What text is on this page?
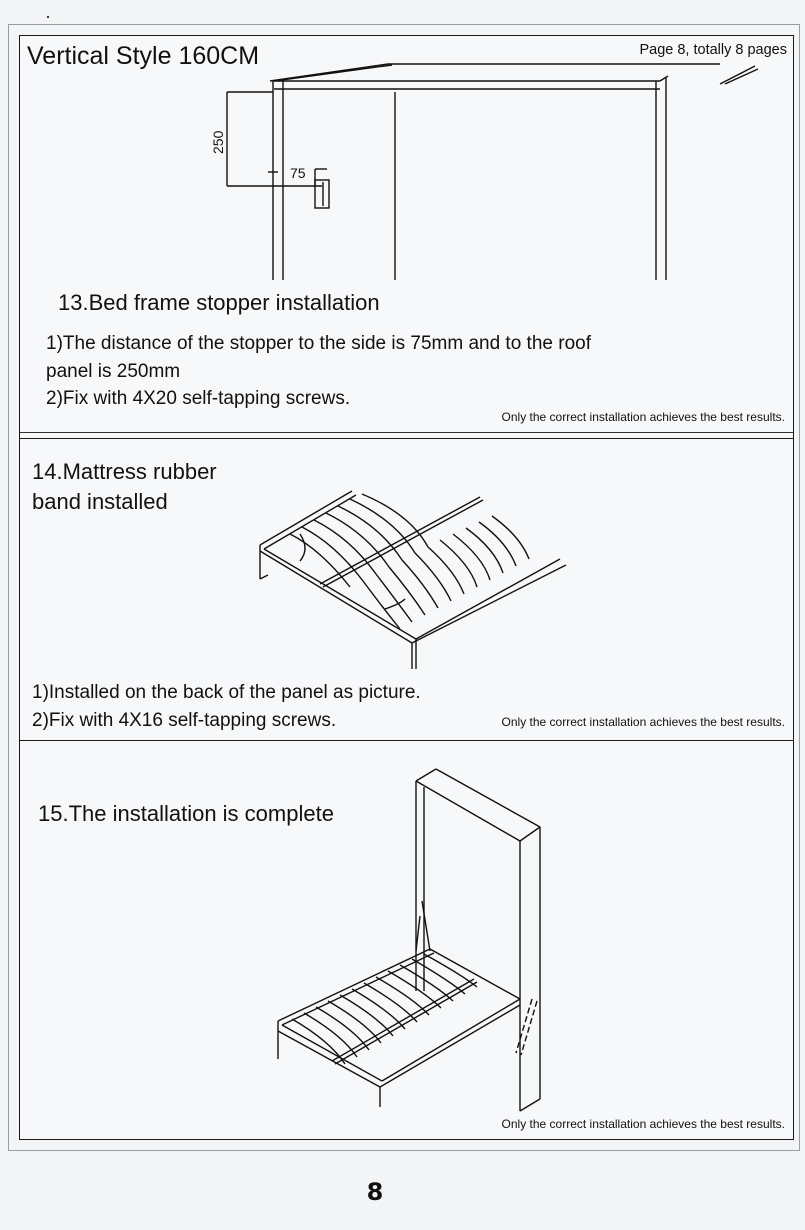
Vertical Style 160CM	Page 8, totally 8 pages
250
75
13.Bed frame stopper installation
1)The distance of the stopper to the side is 75mm and to the roof
panel is 250mm
2)Fix with 4X20 self-tapping screws.
Only the correct installation achieves the best results.
14.Mattress rubber
band installed
1)Installed on the back of the panel as picture.
2)Fix with 4X16 self-tapping screws.	Only the correct installation achieves the best results.
15.The installation is complete
Only the correct installation achieves the best results.
8
